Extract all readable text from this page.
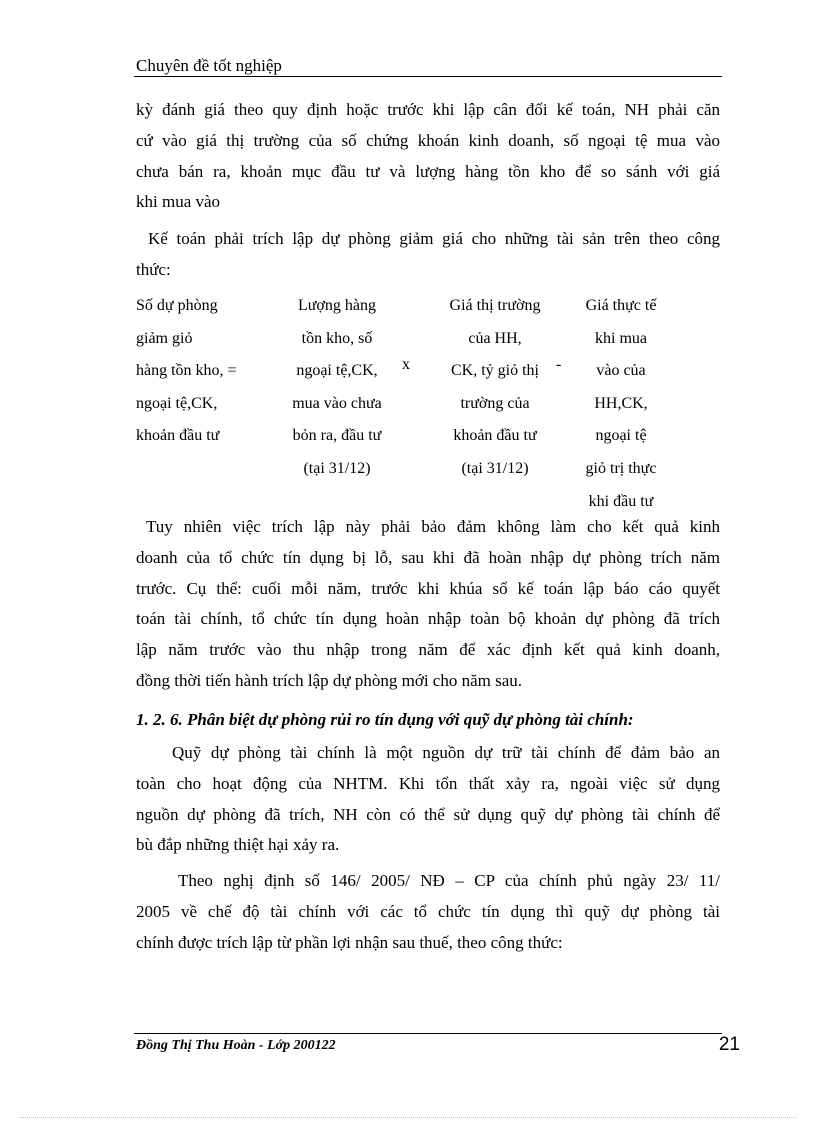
Chuyên đề tốt nghiệp
kỳ đánh giá theo quy định hoặc trước khi lập cân đối kế toán, NH phải căn
cứ vào giá thị trường của số chứng khoán kinh doanh, số ngoại tệ mua vào
chưa bán ra, khoản mục đầu tư và lượng hàng tồn kho để so sánh với giá
khi mua vào
Kế toán phải trích lập dự phòng giảm giá cho những tài sản trên theo công
thức:
Số dự phòng
giảm giỏ
hàng tồn kho, =
ngoại tệ,CK,
khoản đầu tư
Lượng hàng
tồn kho, số
ngoại tệ,CK,
mua vào chưa
bỏn ra, đầu tư
(tại 31/12)
x
Giá thị trường
của HH,
CK, tỷ giỏ thị
trường của
khoản đầu tư
(tại 31/12)
-
Giá thực tế
khi mua
vào của
HH,CK,
ngoại tệ
giỏ trị thực
khi đầu tư
Tuy nhiên việc trích lập này phải bảo đảm không làm cho kết quả kinh
doanh của tổ chức tín dụng bị lỗ, sau khi đã hoàn nhập dự phòng trích năm
trước. Cụ thể: cuối mỗi năm, trước khi khúa sổ kế toán lập báo cáo quyết
toán tài chính, tổ chức tín dụng hoàn nhập toàn bộ khoản dự phòng đã trích
lập năm trước vào thu nhập trong năm để xác định kết quả kinh doanh,
đồng thời tiến hành trích lập dự phòng mới cho năm sau.
1. 2. 6. Phân biệt dự phòng rủi ro tín dụng với quỹ dự phòng tài chính:
Quỹ dự phòng tài chính là một nguồn dự trữ tài chính để đảm bảo an
toàn cho hoạt động của NHTM. Khi tổn thất xảy ra, ngoài việc sử dụng
nguồn dự phòng đã trích, NH còn có thể sử dụng quỹ dự phòng tài chính để
bù đắp những thiệt hại xảy ra.
Theo nghị định số 146/ 2005/ NĐ – CP của chính phủ ngày 23/ 11/
2005 về chế độ tài chính với các tổ chức tín dụng thì quỹ dự phòng tài
chính được trích lập từ phần lợi nhận sau thuế, theo công thức:
Đồng Thị Thu Hoàn - Lớp 200122	21
